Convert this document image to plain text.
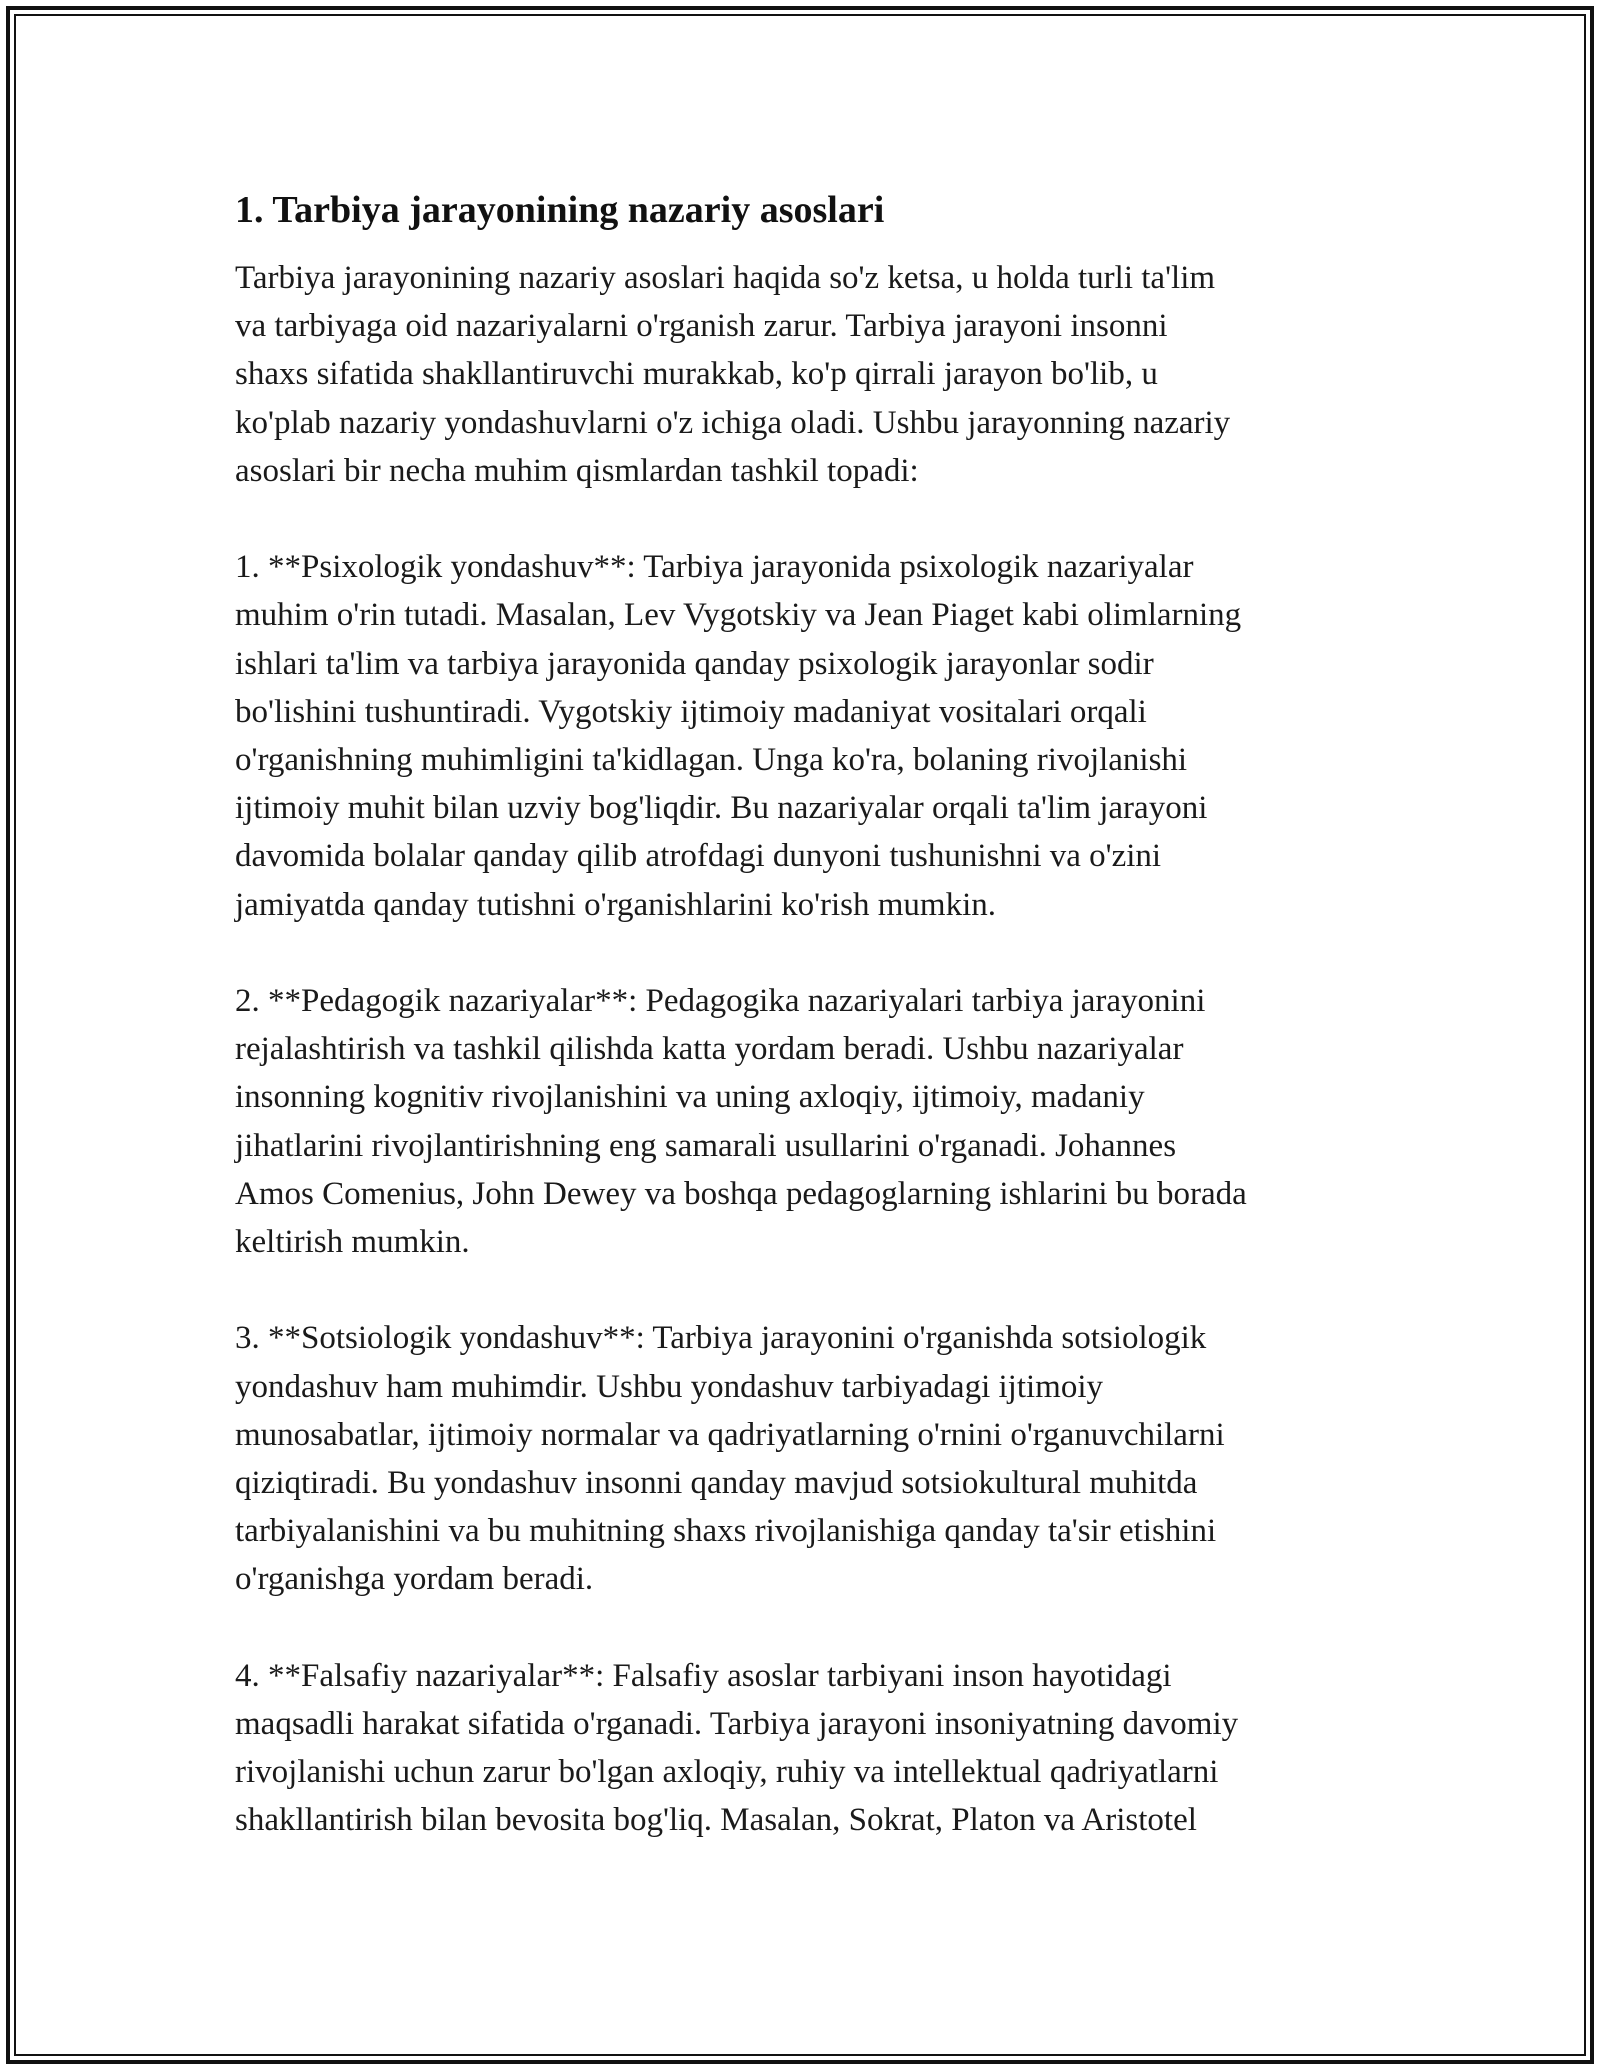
1. Tarbiya jarayonining nazariy asoslari
Tarbiya jarayonining nazariy asoslari haqida so'z ketsa, u holda turli ta'lim
va tarbiyaga oid nazariyalarni o'rganish zarur. Tarbiya jarayoni insonni
shaxs sifatida shakllantiruvchi murakkab, ko'p qirrali jarayon bo'lib, u
ko'plab nazariy yondashuvlarni o'z ichiga oladi. Ushbu jarayonning nazariy
asoslari bir necha muhim qismlardan tashkil topadi:
1. **Psixologik yondashuv**: Tarbiya jarayonida psixologik nazariyalar
muhim o'rin tutadi. Masalan, Lev Vygotskiy va Jean Piaget kabi olimlarning
ishlari ta'lim va tarbiya jarayonida qanday psixologik jarayonlar sodir
bo'lishini tushuntiradi. Vygotskiy ijtimoiy madaniyat vositalari orqali
o'rganishning muhimligini ta'kidlagan. Unga ko'ra, bolaning rivojlanishi
ijtimoiy muhit bilan uzviy bog'liqdir. Bu nazariyalar orqali ta'lim jarayoni
davomida bolalar qanday qilib atrofdagi dunyoni tushunishni va o'zini
jamiyatda qanday tutishni o'rganishlarini ko'rish mumkin.
2. **Pedagogik nazariyalar**: Pedagogika nazariyalari tarbiya jarayonini
rejalashtirish va tashkil qilishda katta yordam beradi. Ushbu nazariyalar
insonning kognitiv rivojlanishini va uning axloqiy, ijtimoiy, madaniy
jihatlarini rivojlantirishning eng samarali usullarini o'rganadi. Johannes
Amos Comenius, John Dewey va boshqa pedagoglarning ishlarini bu borada
keltirish mumkin.
3. **Sotsiologik yondashuv**: Tarbiya jarayonini o'rganishda sotsiologik
yondashuv ham muhimdir. Ushbu yondashuv tarbiyadagi ijtimoiy
munosabatlar, ijtimoiy normalar va qadriyatlarning o'rnini o'rganuvchilarni
qiziqtiradi. Bu yondashuv insonni qanday mavjud sotsiokultural muhitda
tarbiyalanishini va bu muhitning shaxs rivojlanishiga qanday ta'sir etishini
o'rganishga yordam beradi.
4. **Falsafiy nazariyalar**: Falsafiy asoslar tarbiyani inson hayotidagi
maqsadli harakat sifatida o'rganadi. Tarbiya jarayoni insoniyatning davomiy
rivojlanishi uchun zarur bo'lgan axloqiy, ruhiy va intellektual qadriyatlarni
shakllantirish bilan bevosita bog'liq. Masalan, Sokrat, Platon va Aristotel
